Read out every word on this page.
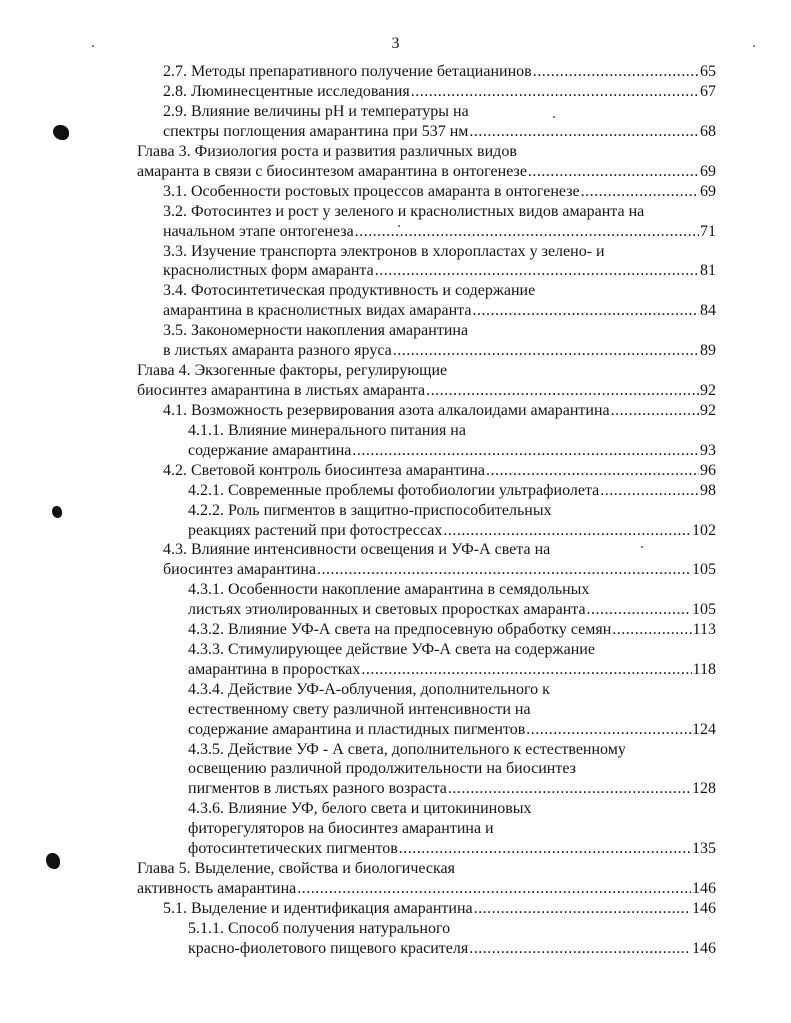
3
2.7. Методы препаративного получение бетацианинов .....	65
2.8. Люминесцентные исследования .....	67
2.9. Влияние величины pH и температуры на
спектры поглощения амарантина при 537 нм .....	68
Глава 3. Физиология роста и развития различных видов
амаранта в связи с биосинтезом амарантина в онтогенезе .....	69
3.1. Особенности ростовых процессов амаранта в онтогенезе .....	69
3.2. Фотосинтез и рост у зеленого и краснолистных видов амаранта на
начальном этапе онтогенеза .....	71
3.3. Изучение транспорта электронов в хлоропластах у зелено- и
краснолистных форм амаранта .....	81
3.4. Фотосинтетическая продуктивность и содержание
амарантина в краснолистных видах амаранта .....	84
3.5. Закономерности накопления амарантина
в листьях амаранта разного яруса .....	89
Глава 4. Экзогенные факторы, регулирующие
биосинтез амарантина в листьях амаранта .....	92
4.1. Возможность резервирования азота алкалоидами амарантина .....	92
4.1.1. Влияние минерального питания на
содержание амарантина .....	93
4.2. Световой контроль биосинтеза амарантина .....	96
4.2.1. Современные проблемы фотобиологии ультрафиолета .....	98
4.2.2. Роль пигментов в защитно-приспособительных
реакциях растений при фотострессах .....	102
4.3. Влияние интенсивности освещения и УФ-А света на
биосинтез амарантина .....	105
4.3.1. Особенности накопление амарантина в семядольных
листьях этиолированных и световых проростках амаранта .....	105
4.3.2. Влияние УФ-А света на предпосевную обработку семян .....	113
4.3.3. Стимулирующее действие УФ-А света на содержание
амарантина в проростках .....	118
4.3.4. Действие УФ-А-облучения, дополнительного к
естественному свету различной интенсивности на
содержание амарантина и пластидных пигментов .....	124
4.3.5. Действие УФ - А света, дополнительного к естественному
освещению различной продолжительности на биосинтез
пигментов в листьях разного возраста .....	128
4.3.6. Влияние УФ, белого света и цитокининовых
фиторегуляторов на биосинтез амарантина и
фотосинтетических пигментов .....	135
Глава 5. Выделение, свойства и биологическая
активность амарантина .....	146
5.1. Выделение и идентификация амарантина .....	146
5.1.1. Способ получения натурального
красно-фиолетового пищевого красителя .....	146
